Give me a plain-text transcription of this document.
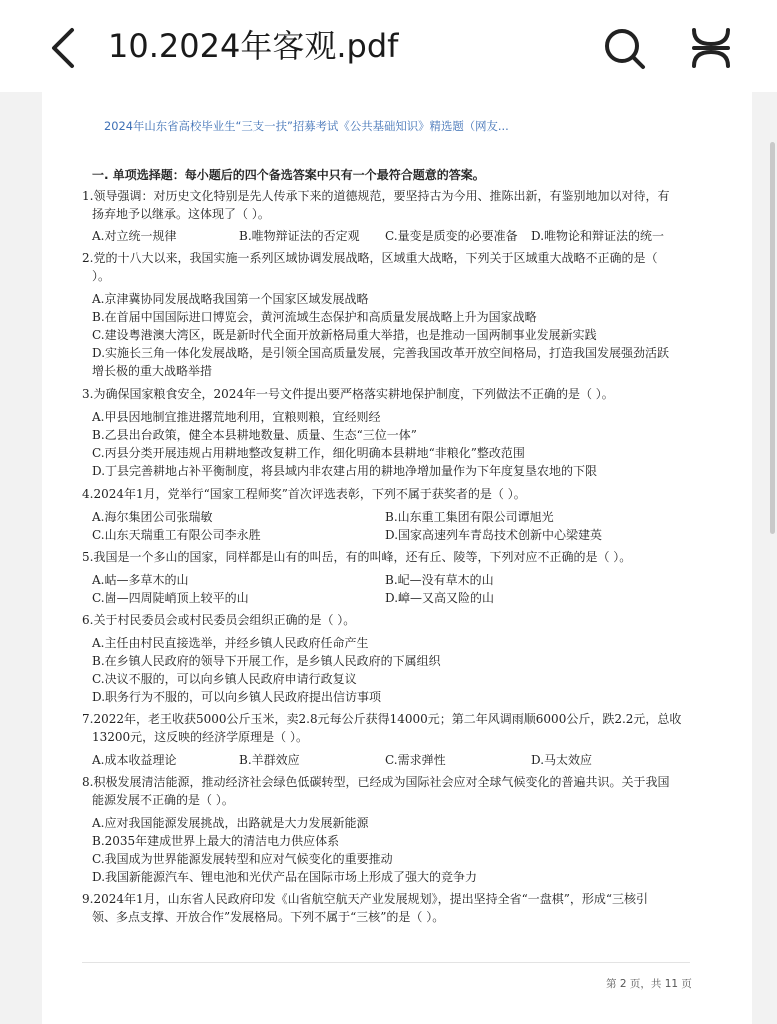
10.2024年客观.pdf
2024年山东省高校毕业生“三支一扶”招募考试《公共基础知识》精选题（网友...
一. 单项选择题：每小题后的四个备选答案中只有一个最符合题意的答案。
1.领导强调：对历史文化特别是先人传承下来的道德规范，要坚持古为今用、推陈出新，有鉴别地加以对待，有
扬弃地予以继承。这体现了（ ）。
A.对立统一规律	B.唯物辩证法的否定观 C.量变是质变的必要准备 D.唯物论和辩证法的统一
2.党的十八大以来，我国实施一系列区域协调发展战略，区域重大战略，下列关于区域重大战略不正确的是（
）。
A.京津冀协同发展战略我国第一个国家区域发展战略
B.在首届中国国际进口博览会，黄河流域生态保护和高质量发展战略上升为国家战略
C.建设粤港澳大湾区，既是新时代全面开放新格局重大举措，也是推动一国两制事业发展新实践
D.实施长三角一体化发展战略，是引领全国高质量发展，完善我国改革开放空间格局，打造我国发展强劲活跃
增长极的重大战略举措
3.为确保国家粮食安全，2024年一号文件提出要严格落实耕地保护制度，下列做法不正确的是（ ）。
A.甲县因地制宜推进撂荒地利用，宜粮则粮，宜经则经
B.乙县出台政策，健全本县耕地数量、质量、生态“三位一体”
C.丙县分类开展违规占用耕地整改复耕工作，细化明确本县耕地“非粮化”整改范围
D.丁县完善耕地占补平衡制度，将县域内非农建占用的耕地净增加量作为下年度复垦农地的下限
4.2024年1月，党举行“国家工程师奖”首次评选表彰，下列不属于获奖者的是（ ）。
A.海尔集团公司张瑞敏	B.山东重工集团有限公司谭旭光
C.山东天瑞重工有限公司李永胜	D.国家高速列车青岛技术创新中心梁建英
5.我国是一个多山的国家，同样都是山有的叫岳，有的叫峰，还有丘、陵等，下列对应不正确的是（ ）。
A.岵—多草木的山	B.屺—没有草木的山
C.崮—四周陡峭顶上较平的山	D.嶂—又高又险的山
6.关于村民委员会或村民委员会组织正确的是（ ）。
A.主任由村民直接选举，并经乡镇人民政府任命产生
B.在乡镇人民政府的领导下开展工作，是乡镇人民政府的下属组织
C.决议不服的，可以向乡镇人民政府申请行政复议
D.职务行为不服的，可以向乡镇人民政府提出信访事项
7.2022年，老王收获5000公斤玉米，卖2.8元每公斤获得14000元；第二年风调雨顺6000公斤，跌2.2元，总收
13200元，这反映的经济学原理是（ ）。
A.成本收益理论	B.羊群效应	C.需求弹性	D.马太效应
8.积极发展清洁能源，推动经济社会绿色低碳转型，已经成为国际社会应对全球气候变化的普遍共识。关于我国
能源发展不正确的是（ ）。
A.应对我国能源发展挑战，出路就是大力发展新能源
B.2035年建成世界上最大的清洁电力供应体系
C.我国成为世界能源发展转型和应对气候变化的重要推动
D.我国新能源汽车、锂电池和光伏产品在国际市场上形成了强大的竞争力
9.2024年1月，山东省人民政府印发《山省航空航天产业发展规划》，提出坚持全省“一盘棋”，形成“三核引
领、多点支撑、开放合作”发展格局。下列不属于“三核”的是（ ）。
第 2 页，共 11 页
